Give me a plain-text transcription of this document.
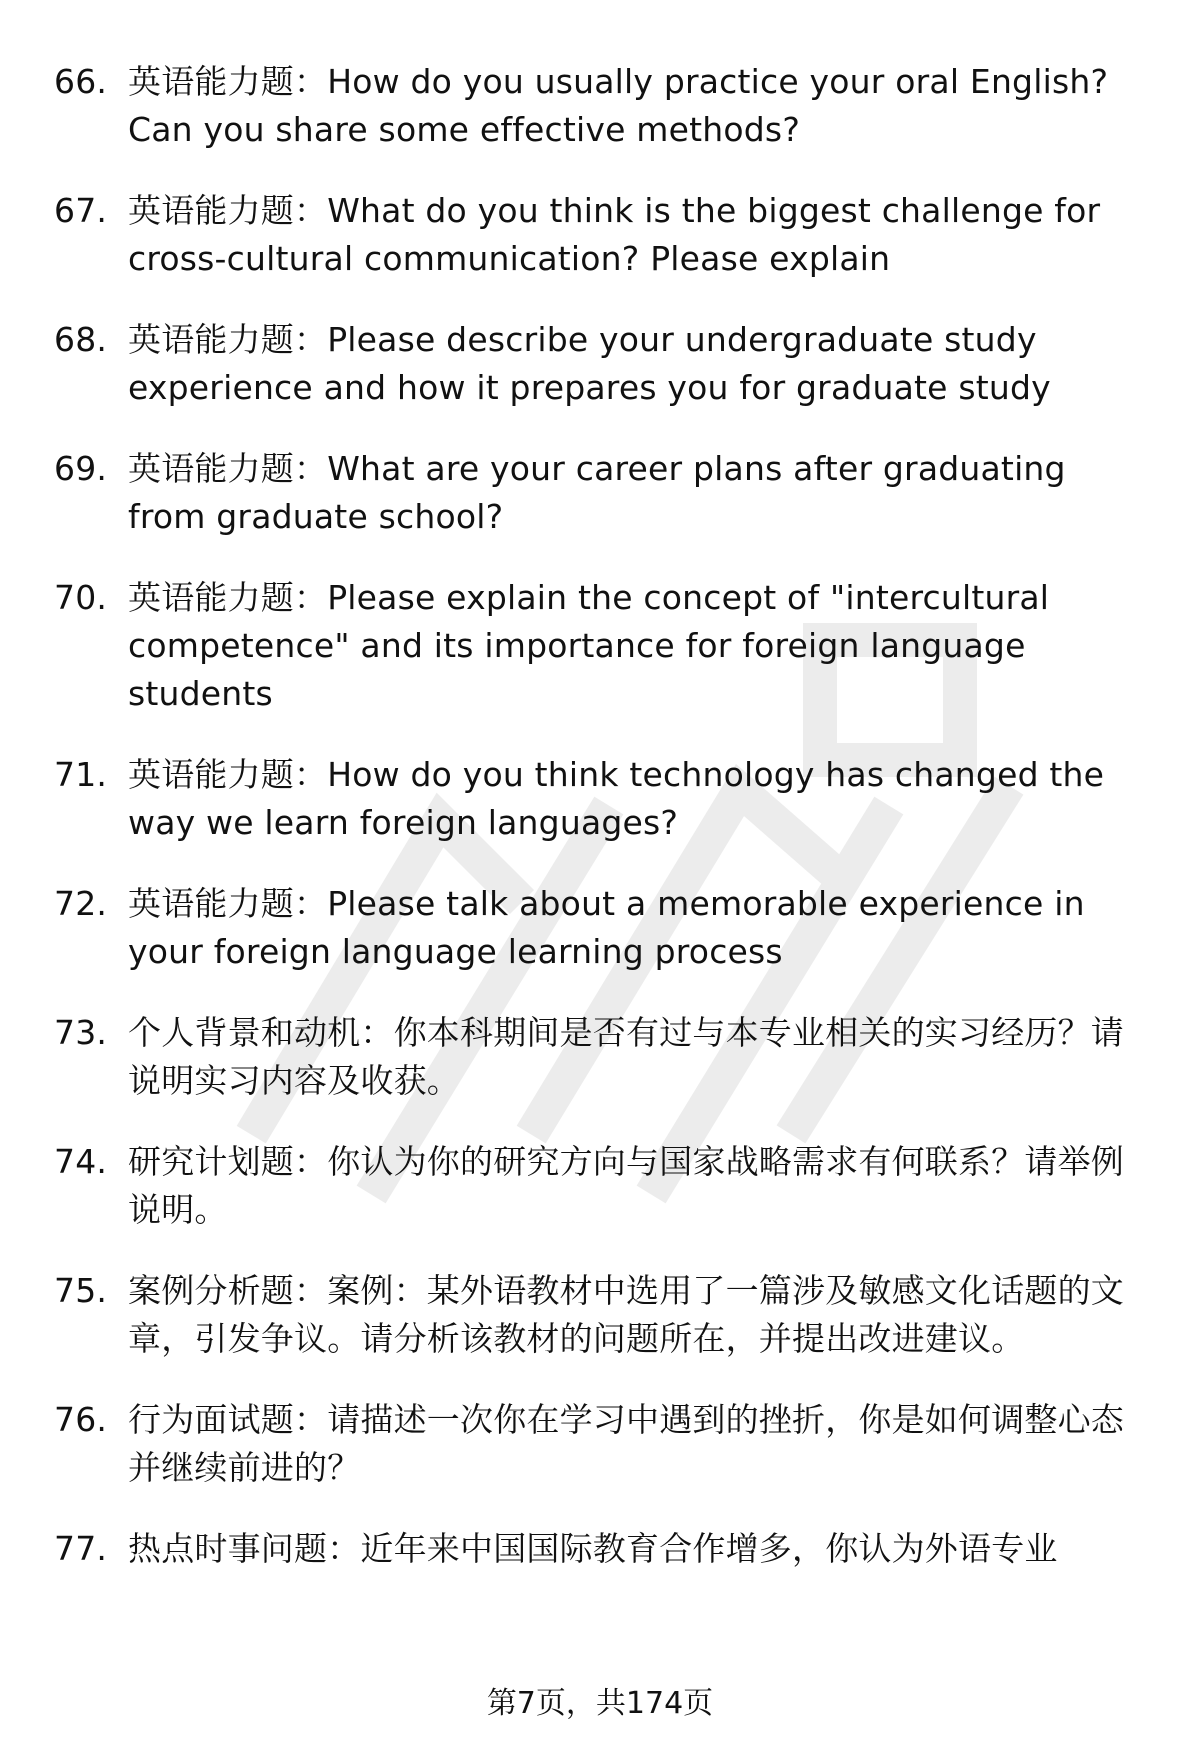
66. 英语能力题：How do you usually practice your oral English? Can you share some effective methods?
67. 英语能力题：What do you think is the biggest challenge for cross-cultural communication? Please explain
68. 英语能力题：Please describe your undergraduate study experience and how it prepares you for graduate study
69. 英语能力题：What are your career plans after graduating from graduate school?
70. 英语能力题：Please explain the concept of "intercultural competence" and its importance for foreign language students
71. 英语能力题：How do you think technology has changed the way we learn foreign languages?
72. 英语能力题：Please talk about a memorable experience in your foreign language learning process
73. 个人背景和动机：你本科期间是否有过与本专业相关的实习经历？请说明实习内容及收获。
74. 研究计划题：你认为你的研究方向与国家战略需求有何联系？请举例说明。
75. 案例分析题：案例：某外语教材中选用了一篇涉及敏感文化话题的文章，引发争议。请分析该教材的问题所在，并提出改进建议。
76. 行为面试题：请描述一次你在学习中遇到的挫折，你是如何调整心态并继续前进的？
77. 热点时事问题：近年来中国国际教育合作增多，你认为外语专业
第7页，共174页
